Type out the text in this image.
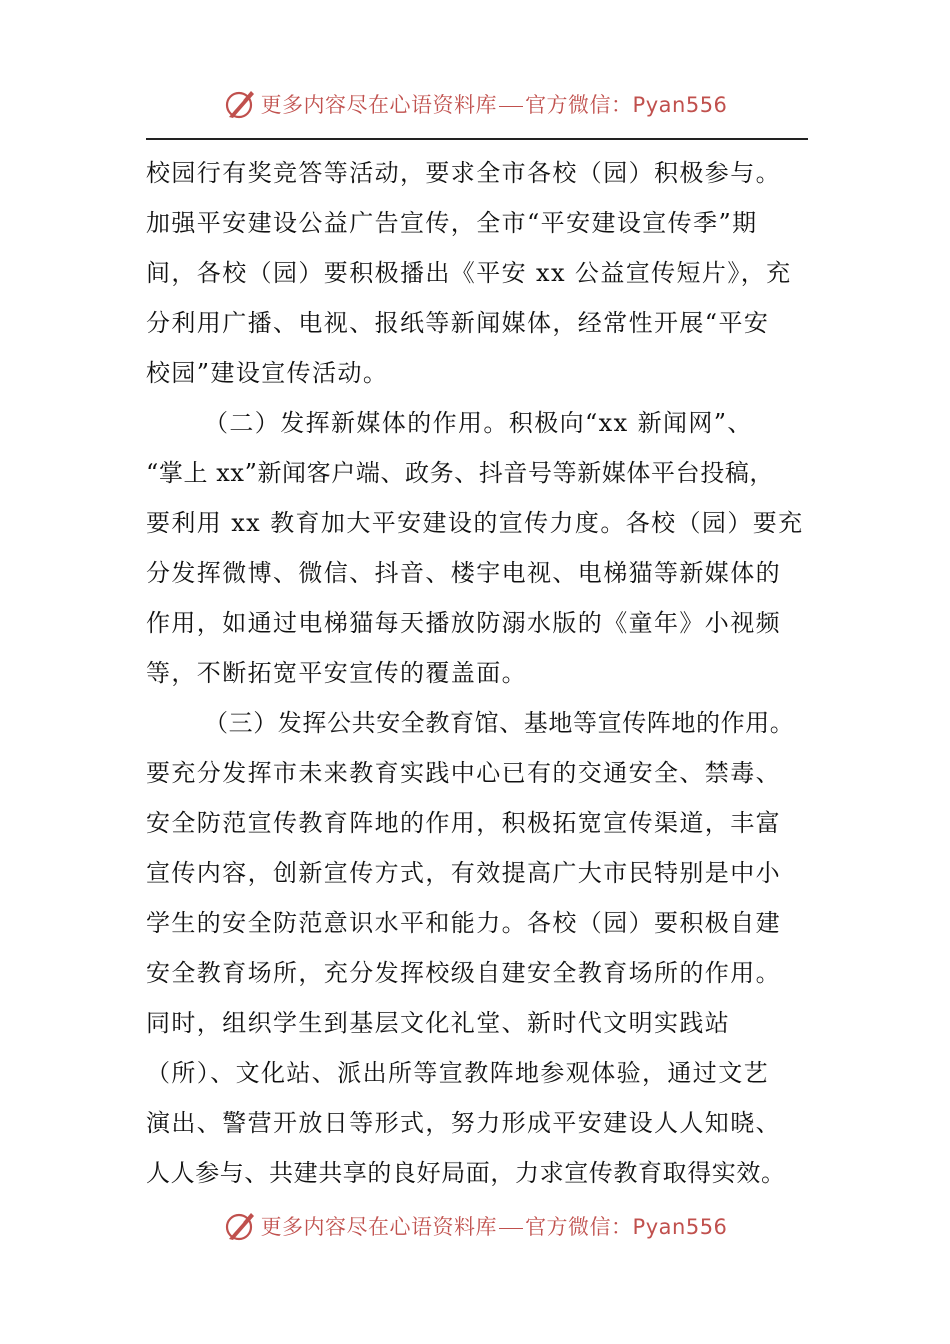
更多内容尽在心语资料库 官方微信：Pyan556
校园行有奖竞答等活动，要求全市各校（园）积极参与。
加强平安建设公益广告宣传，全市“平安建设宣传季”期
间，各校（园）要积极播出《平安 xx 公益宣传短片》，充
分利用广播、电视、报纸等新闻媒体，经常性开展“平安
校园”建设宣传活动。
（二）发挥新媒体的作用。积极向“xx 新闻网”、
“掌上 xx”新闻客户端、政务、抖音号等新媒体平台投稿，
要利用 xx 教育加大平安建设的宣传力度。各校（园）要充
分发挥微博、微信、抖音、楼宇电视、电梯猫等新媒体的
作用，如通过电梯猫每天播放防溺水版的《童年》小视频
等，不断拓宽平安宣传的覆盖面。
（三）发挥公共安全教育馆、基地等宣传阵地的作用。
要充分发挥市未来教育实践中心已有的交通安全、禁毒、
安全防范宣传教育阵地的作用，积极拓宽宣传渠道，丰富
宣传内容，创新宣传方式，有效提高广大市民特别是中小
学生的安全防范意识水平和能力。各校（园）要积极自建
安全教育场所，充分发挥校级自建安全教育场所的作用。
同时，组织学生到基层文化礼堂、新时代文明实践站
（所）、文化站、派出所等宣教阵地参观体验，通过文艺
演出、警营开放日等形式，努力形成平安建设人人知晓、
人人参与、共建共享的良好局面，力求宣传教育取得实效。
更多内容尽在心语资料库 官方微信：Pyan556
